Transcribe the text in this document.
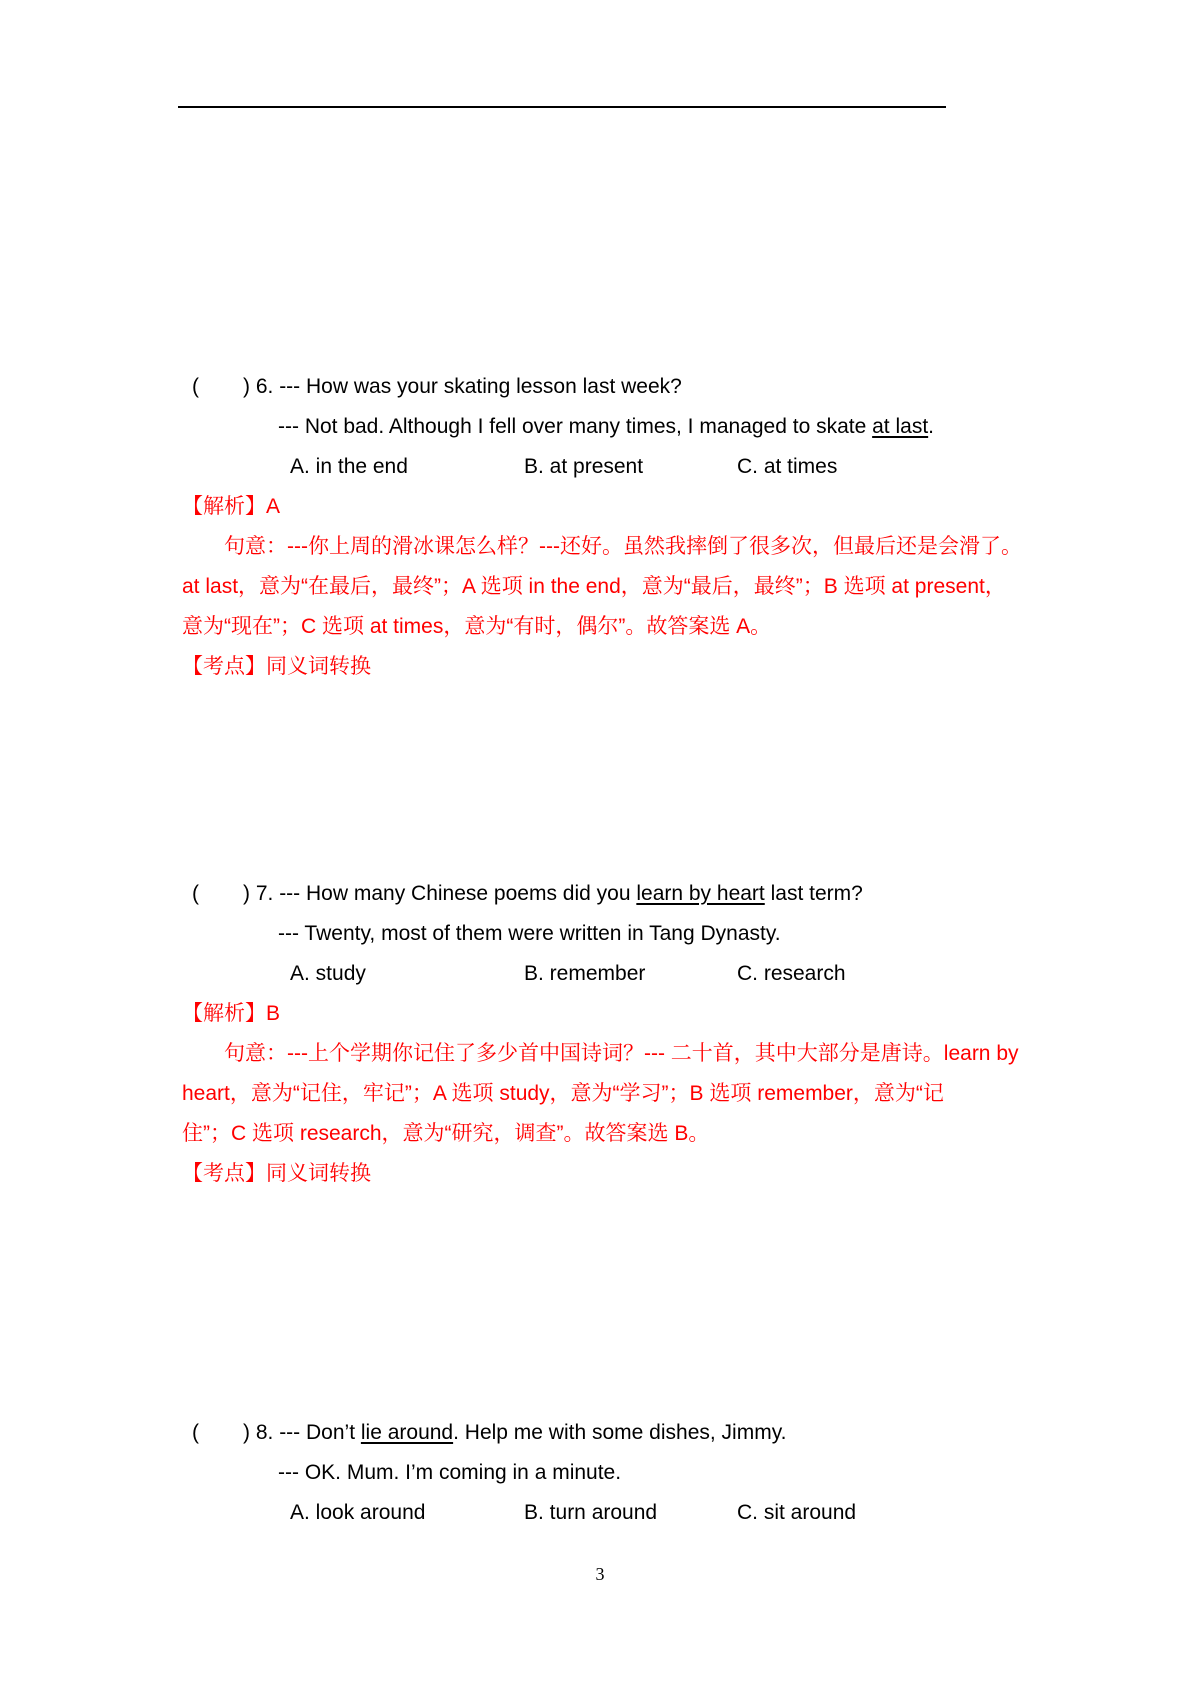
( ) 6. --- How was your skating lesson last week?
--- Not bad. Although I fell over many times, I managed to skate at last.
A. in the end	B. at present	C. at times

【解析】A

句意：---你上周的滑冰课怎么样？---还好。虽然我摔倒了很多次，但最后还是会滑了。

at last，意为“在最后，最终”；A 选项 in the end，意为“最后，最终”；B 选项 at present，

意为“现在”；C 选项 at times，意为“有时，偶尔”。故答案选 A。

【考点】同义词转换

( ) 7. --- How many Chinese poems did you learn by heart last term?
--- Twenty, most of them were written in Tang Dynasty.
A. study	B. remember	C. research

【解析】B

句意：---上个学期你记住了多少首中国诗词？--- 二十首，其中大部分是唐诗。learn by

heart，意为“记住，牢记”；A 选项 study，意为“学习”；B 选项 remember，意为“记

住”；C 选项 research，意为“研究，调查”。故答案选 B。

【考点】同义词转换

( ) 8. --- Don’t lie around. Help me with some dishes, Jimmy.
--- OK. Mum. I’m coming in a minute.
A. look around	B. turn around	C. sit around
3
